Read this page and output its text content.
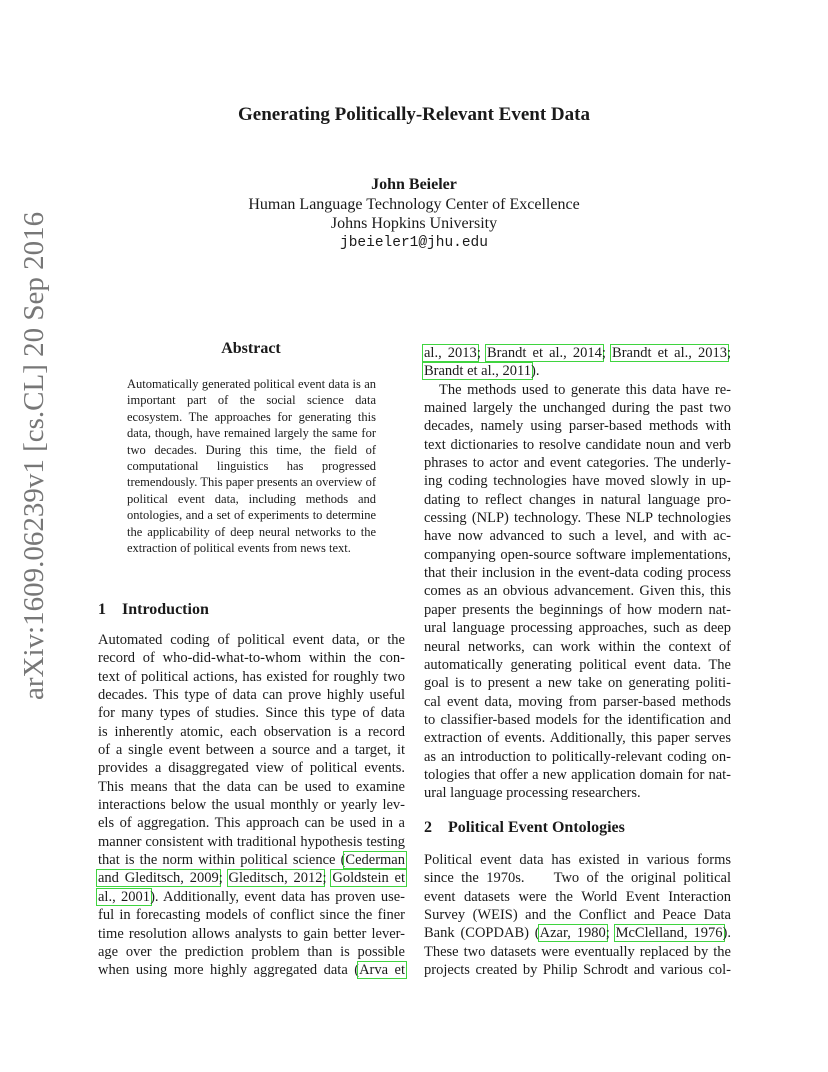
arXiv:1609.06239v1 [cs.CL] 20 Sep 2016
Generating Politically-Relevant Event Data
John Beieler
Human Language Technology Center of Excellence
Johns Hopkins University
jbeieler1@jhu.edu
Abstract
Automatically generated political event data is an important part of the social science data ecosystem. The approaches for generating this data, though, have remained largely the same for two decades. During this time, the field of computational linguistics has progressed tremendously. This paper presents an overview of political event data, including methods and ontologies, and a set of experiments to determine the applicability of deep neural networks to the extraction of political events from news text.
1 Introduction
Automated coding of political event data, or the
record of who-did-what-to-whom within the con-
text of political actions, has existed for roughly two
decades. This type of data can prove highly useful
for many types of studies. Since this type of data
is inherently atomic, each observation is a record
of a single event between a source and a target, it
provides a disaggregated view of political events.
This means that the data can be used to examine
interactions below the usual monthly or yearly lev-
els of aggregation. This approach can be used in a
manner consistent with traditional hypothesis testing
that is the norm within political science (Cederman
and Gleditsch, 2009; Gleditsch, 2012; Goldstein et
al., 2001). Additionally, event data has proven use-
ful in forecasting models of conflict since the finer
time resolution allows analysts to gain better lever-
age over the prediction problem than is possible
when using more highly aggregated data (Arva et
al., 2013; Brandt et al., 2014; Brandt et al., 2013;
Brandt et al., 2011).
The methods used to generate this data have re-
mained largely the unchanged during the past two
decades, namely using parser-based methods with
text dictionaries to resolve candidate noun and verb
phrases to actor and event categories. The underly-
ing coding technologies have moved slowly in up-
dating to reflect changes in natural language pro-
cessing (NLP) technology. These NLP technologies
have now advanced to such a level, and with ac-
companying open-source software implementations,
that their inclusion in the event-data coding process
comes as an obvious advancement. Given this, this
paper presents the beginnings of how modern nat-
ural language processing approaches, such as deep
neural networks, can work within the context of
automatically generating political event data. The
goal is to present a new take on generating politi-
cal event data, moving from parser-based methods
to classifier-based models for the identification and
extraction of events. Additionally, this paper serves
as an introduction to politically-relevant coding on-
tologies that offer a new application domain for nat-
ural language processing researchers.
2 Political Event Ontologies
Political event data has existed in various forms
since the 1970s.    Two of the original political
event datasets were the World Event Interaction
Survey (WEIS) and the Conflict and Peace Data
Bank (COPDAB) (Azar, 1980; McClelland, 1976).
These two datasets were eventually replaced by the
projects created by Philip Schrodt and various col-
